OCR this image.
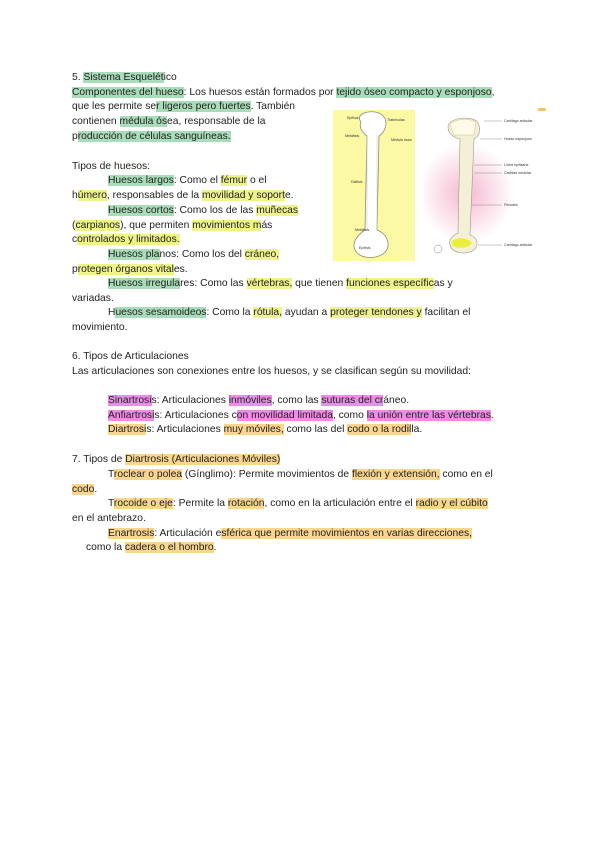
5. Sistema Esquelético
Componentes del hueso: Los huesos están formados por tejido óseo compacto y esponjoso,
que les permite ser ligeros pero fuertes. También
contienen médula ósea, responsable de la
producción de células sanguíneas.
Tipos de huesos:
Huesos largos: Como el fémur o el
húmero, responsables de la movilidad y soporte.
Huesos cortos: Como los de las muñecas
(carpianos), que permiten movimientos más
controlados y limitados.
Huesos planos: Como los del cráneo,
protegen órganos vitales.
Huesos irregulares: Como las vértebras, que tienen funciones específicas y
variadas.
Huesos sesamoideos: Como la rótula, ayudan a proteger tendones y facilitan el
movimiento.
6. Tipos de Articulaciones
Las articulaciones son conexiones entre los huesos, y se clasifican según su movilidad:
Sinartrosis: Articulaciones inmóviles, como las suturas del cráneo.
Anfiartrosis: Articulaciones con movilidad limitada, como la unión entre las vértebras.
Diartrosis: Articulaciones muy móviles, como las del codo o la rodilla.
7. Tipos de Diartrosis (Articulaciones Móviles)
Troclear o polea (Gínglimo): Permite movimientos de flexión y extensión, como en el
codo.
Trocoide o eje: Permite la rotación, como en la articulación entre el radio y el cúbito
en el antebrazo.
Enartrosis: Articulación esférica que permite movimientos en varias direcciones,
como la cadera o el hombro.
Epífisis	Trabéculas
Metáfisis
Médula ósea
Diáfisis
Metáfisis
Epífisis
Cartílago articular
Hueso esponjoso
Línea epifisaria
Cavidad medular
Periostio
Cartílago articular
